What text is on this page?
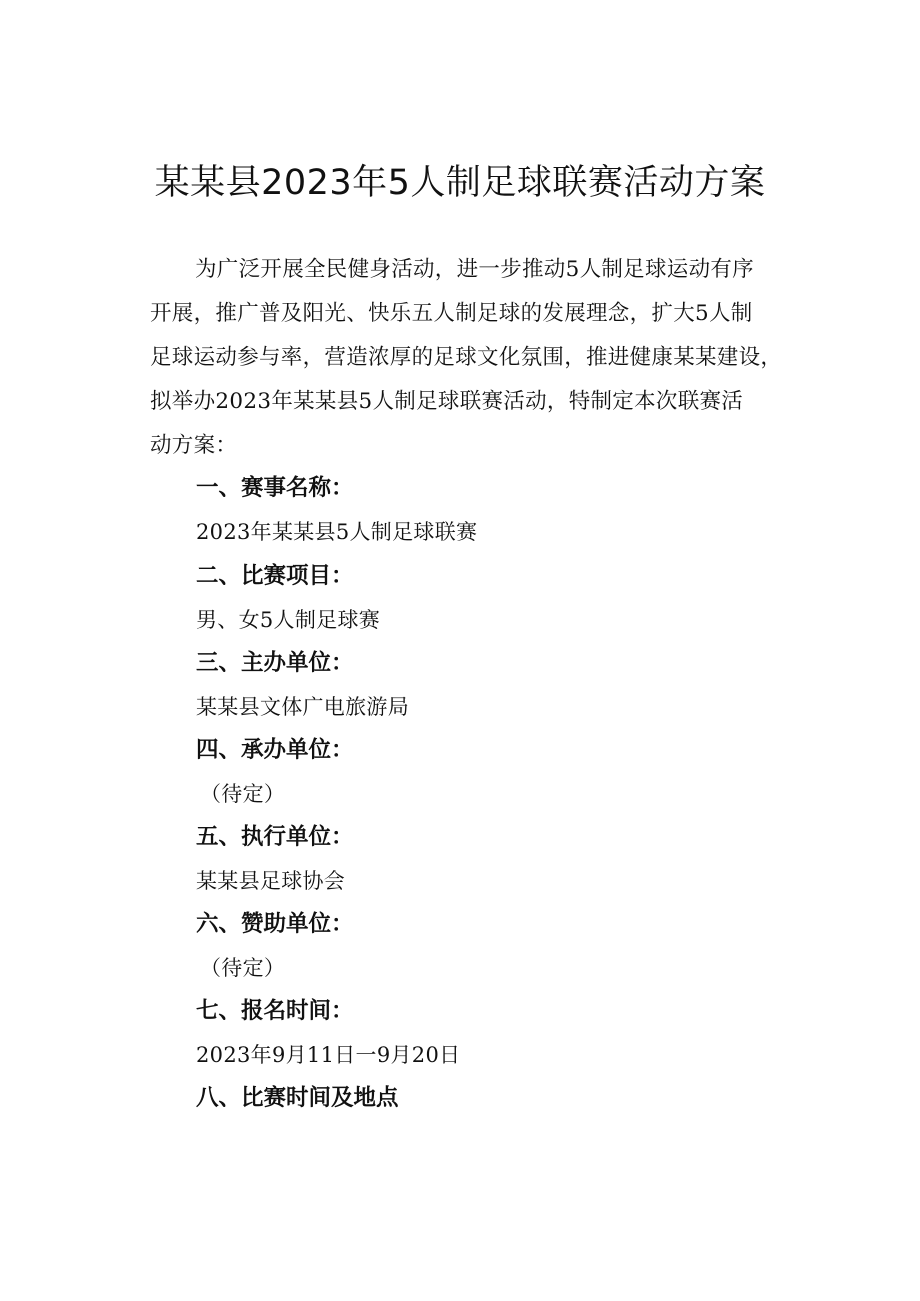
某某县2023年5人制足球联赛活动方案

为广泛开展全民健身活动，进一步推动5人制足球运动有序
开展，推广普及阳光、快乐五人制足球的发展理念，扩大5人制
足球运动参与率，营造浓厚的足球文化氛围，推进健康某某建设，
拟举办2023年某某县5人制足球联赛活动，特制定本次联赛活
动方案：

一、赛事名称：
2023年某某县5人制足球联赛
二、比赛项目：
男、女5人制足球赛
三、主办单位：
某某县文体广电旅游局
四、承办单位：
（待定）
五、执行单位：
某某县足球协会
六、赞助单位：
（待定）
七、报名时间：
2023年9月11日一9月20日
八、比赛时间及地点
